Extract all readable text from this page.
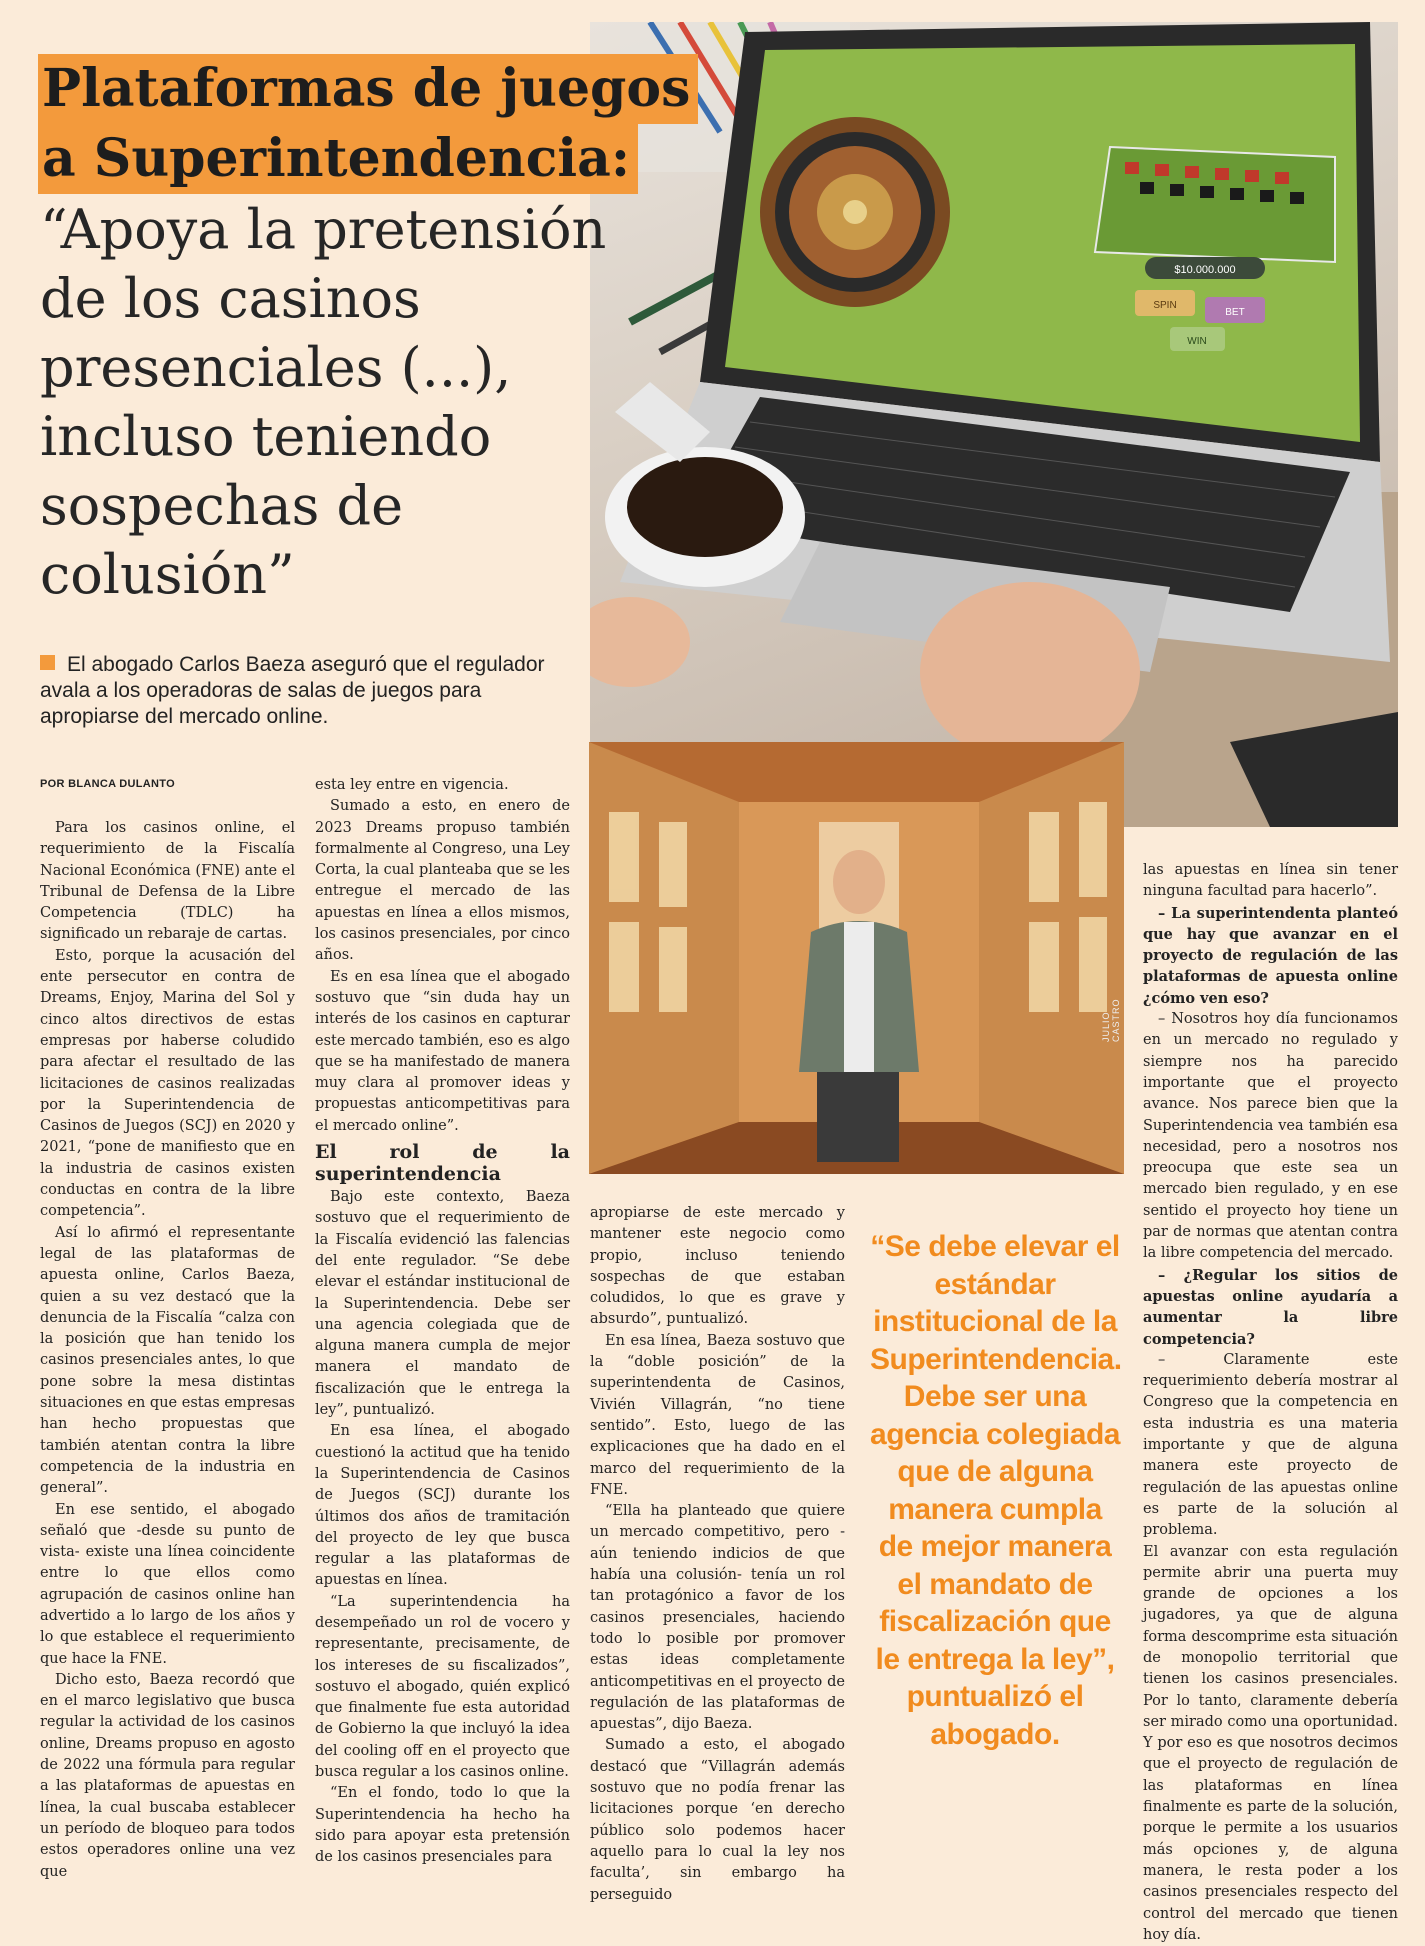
$10.000.000
SPIN
BET
WIN
Plataformas de juegos
a Superintendencia:
“Apoya la pretensión
de los casinos
presenciales (...),
incluso teniendo
sospechas de colusión”
El abogado Carlos Baeza aseguró que el regulador avala a los operadoras de salas de juegos para apropiarse del mercado online.
POR BLANCA DULANTO
JULIO CASTRO

Para los casinos online, el requerimiento de la Fiscalía Nacional Económica (FNE) ante el Tribunal de Defensa de la Libre Competencia (TDLC) ha significado un rebaraje de cartas.

Esto, porque la acusación del ente persecutor en contra de Dreams, Enjoy, Marina del Sol y cinco altos directivos de estas empresas por haberse coludido para afectar el resultado de las licitaciones de casinos realizadas por la Superintendencia de Casinos de Juegos (SCJ) en 2020 y 2021, “pone de manifiesto que en la industria de casinos existen conductas en contra de la libre competencia”.

Así lo afirmó el representante legal de las plataformas de apuesta online, Carlos Baeza, quien a su vez destacó que la denuncia de la Fiscalía “calza con la posición que han tenido los casinos presenciales antes, lo que pone sobre la mesa distintas situaciones en que estas empresas han hecho propuestas que también atentan contra la libre competencia de la industria en general”.

En ese sentido, el abogado señaló que -desde su punto de vista- existe una línea coincidente entre lo que ellos como agrupación de casinos online han advertido a lo largo de los años y lo que establece el requerimiento que hace la FNE.

Dicho esto, Baeza recordó que en el marco legislativo que busca regular la actividad de los casinos online, Dreams propuso en agosto de 2022 una fórmula para regular a las plataformas de apuestas en línea, la cual buscaba establecer un período de bloqueo para todos estos operadores online una vez que

esta ley entre en vigencia.

Sumado a esto, en enero de 2023 Dreams propuso también formalmente al Congreso, una Ley Corta, la cual planteaba que se les entregue el mercado de las apuestas en línea a ellos mismos, los casinos presenciales, por cinco años.

Es en esa línea que el abogado sostuvo que “sin duda hay un interés de los casinos en capturar este mercado también, eso es algo que se ha manifestado de manera muy clara al promover ideas y propuestas anticompetitivas para el mercado online”.

El rol de la superintendencia

Bajo este contexto, Baeza sostuvo que el requerimiento de la Fiscalía evidenció las falencias del ente regulador. “Se debe elevar el estándar institucional de la Superintendencia. Debe ser una agencia colegiada que de alguna manera cumpla de mejor manera el mandato de fiscalización que le entrega la ley”, puntualizó.

En esa línea, el abogado cuestionó la actitud que ha tenido la Superintendencia de Casinos de Juegos (SCJ) durante los últimos dos años de tramitación del proyecto de ley que busca regular a las plataformas de apuestas en línea.

“La superintendencia ha desempeñado un rol de vocero y representante, precisamente, de los intereses de su fiscalizados”, sostuvo el abogado, quién explicó que finalmente fue esta autoridad de Gobierno la que incluyó la idea del cooling off en el proyecto que busca regular a los casinos online.

“En el fondo, todo lo que la Superintendencia ha hecho ha sido para apoyar esta pretensión de los casinos presenciales para

apropiarse de este mercado y mantener este negocio como propio, incluso teniendo sospechas de que estaban coludidos, lo que es grave y absurdo”, puntualizó.

En esa línea, Baeza sostuvo que la “doble posición” de la superintendenta de Casinos, Vivién Villagrán, “no tiene sentido”. Esto, luego de las explicaciones que ha dado en el marco del requerimiento de la FNE.

“Ella ha planteado que quiere un mercado competitivo, pero -aún teniendo indicios de que había una colusión- tenía un rol tan protagónico a favor de los casinos presenciales, haciendo todo lo posible por promover estas ideas completamente anticompetitivas en el proyecto de regulación de las plataformas de apuestas”, dijo Baeza.

Sumado a esto, el abogado destacó que “Villagrán además sostuvo que no podía frenar las licitaciones porque ‘en derecho público solo podemos hacer aquello para lo cual la ley nos faculta’, sin embargo ha perseguido

“Se debe elevar el estándar institucional de la Superintendencia. Debe ser una agencia colegiada que de alguna manera cumpla de mejor manera el mandato de fiscalización que le entrega la ley”, puntualizó el abogado.

las apuestas en línea sin tener ninguna facultad para hacerlo”.

– La superintendenta planteó que hay que avanzar en el proyecto de regulación de las plataformas de apuesta online ¿cómo ven eso?

– Nosotros hoy día funcionamos en un mercado no regulado y siempre nos ha parecido importante que el proyecto avance. Nos parece bien que la Superintendencia vea también esa necesidad, pero a nosotros nos preocupa que este sea un mercado bien regulado, y en ese sentido el proyecto hoy tiene un par de normas que atentan contra la libre competencia del mercado.

– ¿Regular los sitios de apuestas online ayudaría a aumentar la libre competencia?

– Claramente este requerimiento debería mostrar al Congreso que la competencia en esta industria es una materia importante y que de alguna manera este proyecto de regulación de las apuestas online es parte de la solución al problema.

El avanzar con esta regulación permite abrir una puerta muy grande de opciones a los jugadores, ya que de alguna forma descomprime esta situación de monopolio territorial que tienen los casinos presenciales. Por lo tanto, claramente debería ser mirado como una oportunidad. Y por eso es que nosotros decimos que el proyecto de regulación de las plataformas en línea finalmente es parte de la solución, porque le permite a los usuarios más opciones y, de alguna manera, le resta poder a los casinos presenciales respecto del control del mercado que tienen hoy día.
